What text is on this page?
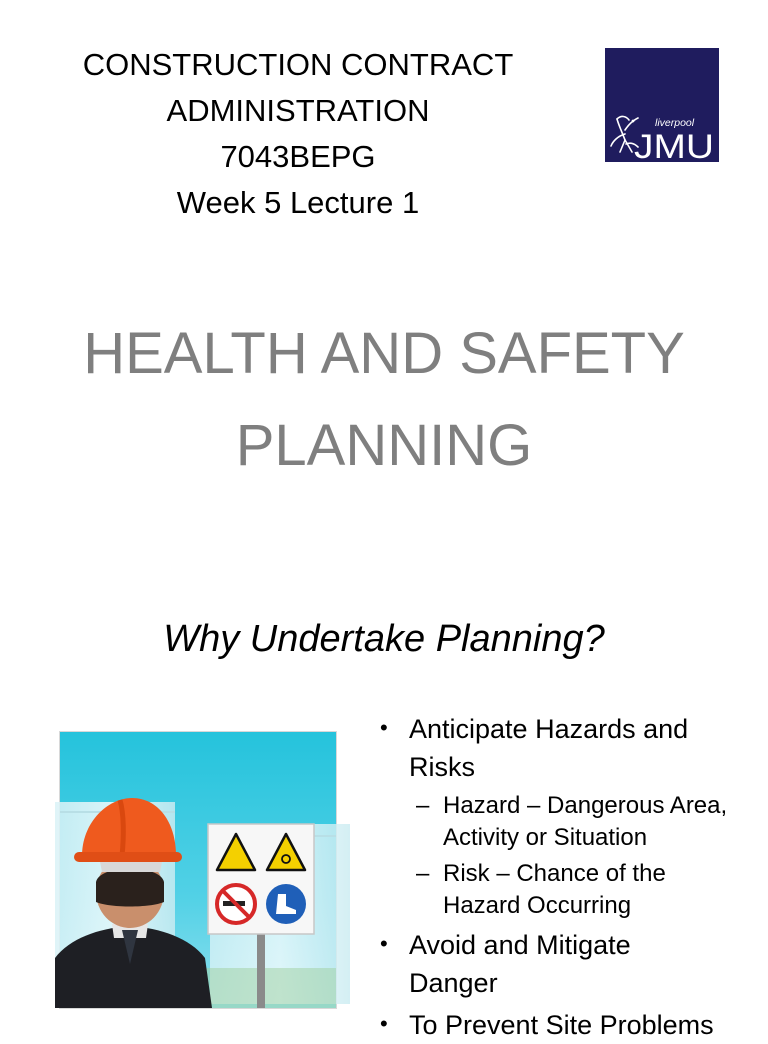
CONSTRUCTION CONTRACT
ADMINISTRATION
7043BEPG
Week 5 Lecture 1
liverpool
JMU
HEALTH AND SAFETY
PLANNING
Why Undertake Planning?
• Anticipate Hazards and
Risks
– Hazard – Dangerous Area,
Activity or Situation
– Risk – Chance of the
Hazard Occurring
• Avoid and Mitigate
Danger
• To Prevent Site Problems
